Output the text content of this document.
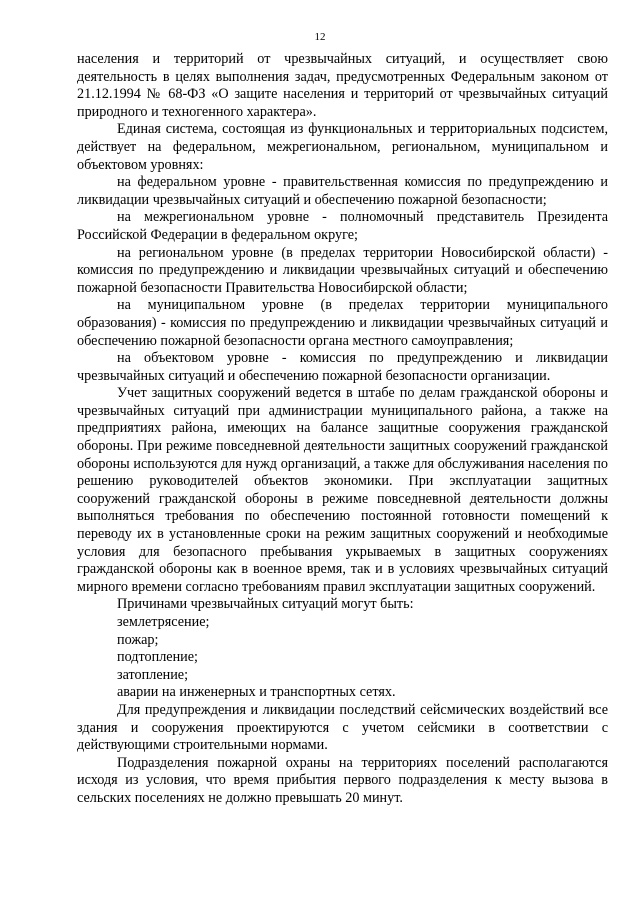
12

населения и территорий от чрезвычайных ситуаций, и осуществляет свою деятельность в целях выполнения задач, предусмотренных Федеральным законом от 21.12.1994 № 68-ФЗ «О защите населения и территорий от чрезвычайных ситуаций природного и техногенного характера».

Единая система, состоящая из функциональных и территориальных подсистем, действует на федеральном, межрегиональном, региональном, муниципальном и объектовом уровнях:

на федеральном уровне - правительственная комиссия по предупреждению и ликвидации чрезвычайных ситуаций и обеспечению пожарной безопасности;

на межрегиональном уровне - полномочный представитель Президента Российской Федерации в федеральном округе;

на региональном уровне (в пределах территории Новосибирской области) - комиссия по предупреждению и ликвидации чрезвычайных ситуаций и обеспечению пожарной безопасности Правительства Новосибирской области;

на муниципальном уровне (в пределах территории муниципального образования) - комиссия по предупреждению и ликвидации чрезвычайных ситуаций и обеспечению пожарной безопасности органа местного самоуправления;

на объектовом уровне - комиссия по предупреждению и ликвидации чрезвычайных ситуаций и обеспечению пожарной безопасности организации.

Учет защитных сооружений ведется в штабе по делам гражданской обороны и чрезвычайных ситуаций при администрации муниципального района, а также на предприятиях района, имеющих на балансе защитные сооружения гражданской обороны. При режиме повседневной деятельности защитных сооружений гражданской обороны используются для нужд организаций, а также для обслуживания населения по решению руководителей объектов экономики. При эксплуатации защитных сооружений гражданской обороны в режиме повседневной деятельности должны выполняться требования по обеспечению постоянной готовности помещений к переводу их в установленные сроки на режим защитных сооружений и необходимые условия для безопасного пребывания укрываемых в защитных сооружениях гражданской обороны как в военное время, так и в условиях чрезвычайных ситуаций мирного времени согласно требованиям правил эксплуатации защитных сооружений.

Причинами чрезвычайных ситуаций могут быть:

землетрясение;

пожар;

подтопление;

затопление;

аварии на инженерных и транспортных сетях.

Для предупреждения и ликвидации последствий сейсмических воздействий все здания и сооружения проектируются с учетом сейсмики в соответствии с действующими строительными нормами.

Подразделения пожарной охраны на территориях поселений располагаются исходя из условия, что время прибытия первого подразделения к месту вызова в сельских поселениях не должно превышать 20 минут.
